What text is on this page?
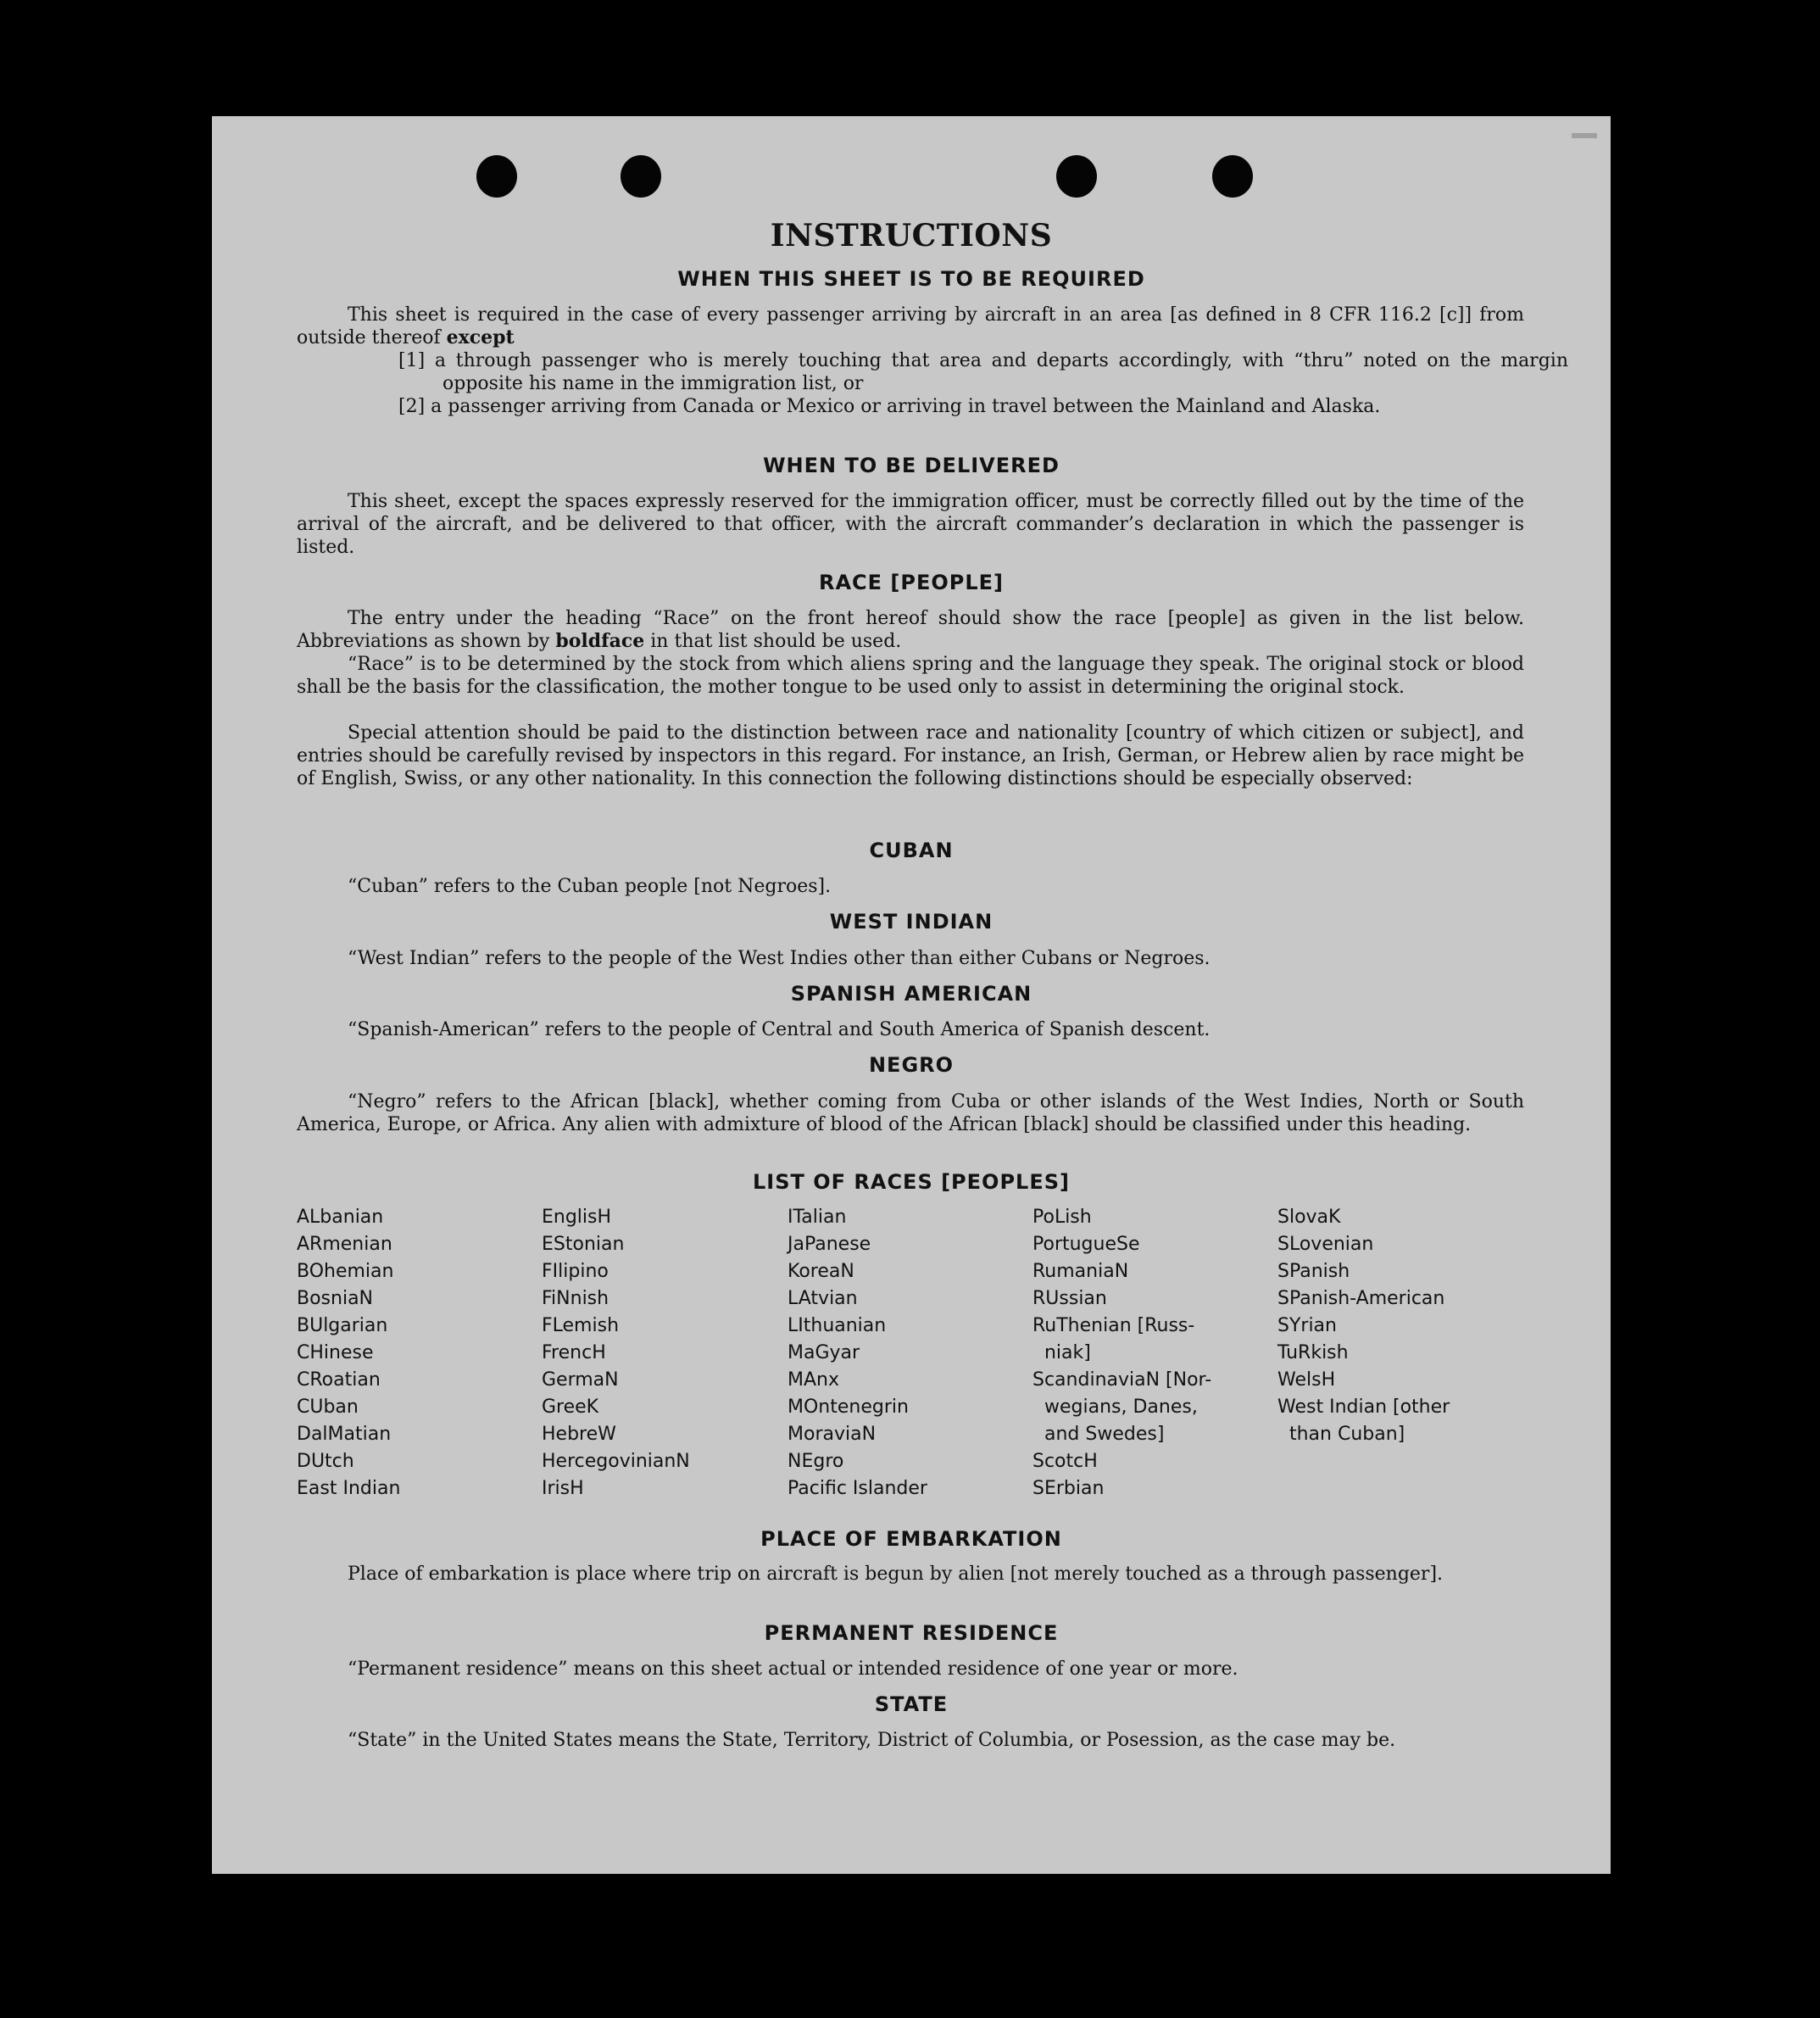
INSTRUCTIONS
WHEN THIS SHEET IS TO BE REQUIRED

This sheet is required in the case of every passenger arriving by aircraft in an area [as defined in 8 CFR 116.2 [c]] from outside thereof except

[1] a through passenger who is merely touching that area and departs accordingly, with “thru” noted on the margin opposite his name in the immigration list, or

[2] a passenger arriving from Canada or Mexico or arriving in travel between the Mainland and Alaska.

WHEN TO BE DELIVERED

This sheet, except the spaces expressly reserved for the immigration officer, must be correctly filled out by the time of the arrival of the aircraft, and be delivered to that officer, with the aircraft commander’s declaration in which the passenger is listed.

RACE [PEOPLE]

The entry under the heading “Race” on the front hereof should show the race [people] as given in the list below. Abbreviations as shown by boldface in that list should be used.

“Race” is to be determined by the stock from which aliens spring and the language they speak. The original stock or blood shall be the basis for the classification, the mother tongue to be used only to assist in determining the original stock.

Special attention should be paid to the distinction between race and nationality [country of which citizen or subject], and entries should be carefully revised by inspectors in this regard. For instance, an Irish, German, or Hebrew alien by race might be of English, Swiss, or any other nationality. In this connection the following distinctions should be especially observed:

CUBAN

“Cuban” refers to the Cuban people [not Negroes].

WEST INDIAN

“West Indian” refers to the people of the West Indies other than either Cubans or Negroes.

SPANISH AMERICAN

“Spanish-American” refers to the people of Central and South America of Spanish descent.

NEGRO

“Negro” refers to the African [black], whether coming from Cuba or other islands of the West Indies, North or South America, Europe, or Africa. Any alien with admixture of blood of the African [black] should be classified under this heading.

LIST OF RACES [PEOPLES]
ALbanian
ARmenian
BOhemian
BosniaN
BUlgarian
CHinese
CRoatian
CUban
DalMatian
DUtch
East Indian
EnglisH
EStonian
FIlipino
FiNnish
FLemish
FrencH
GermaN
GreeK
HebreW
HercegovinianN
IrisH
ITalian
JaPanese
KoreaN
LAtvian
LIthuanian
MaGyar
MAnx
MOntenegrin
MoraviaN
NEgro
Pacific Islander
PoLish
PortugueSe
RumaniaN
RUssian
RuThenian [Russ-
niak]
ScandinaviaN [Nor-
wegians, Danes,
and Swedes]
ScotcH
SErbian
SlovaK
SLovenian
SPanish
SPanish-American
SYrian
TuRkish
WelsH
West Indian [other
than Cuban]
PLACE OF EMBARKATION

Place of embarkation is place where trip on aircraft is begun by alien [not merely touched as a through passenger].

PERMANENT RESIDENCE

“Permanent residence” means on this sheet actual or intended residence of one year or more.

STATE

“State” in the United States means the State, Territory, District of Columbia, or Posession, as the case may be.
